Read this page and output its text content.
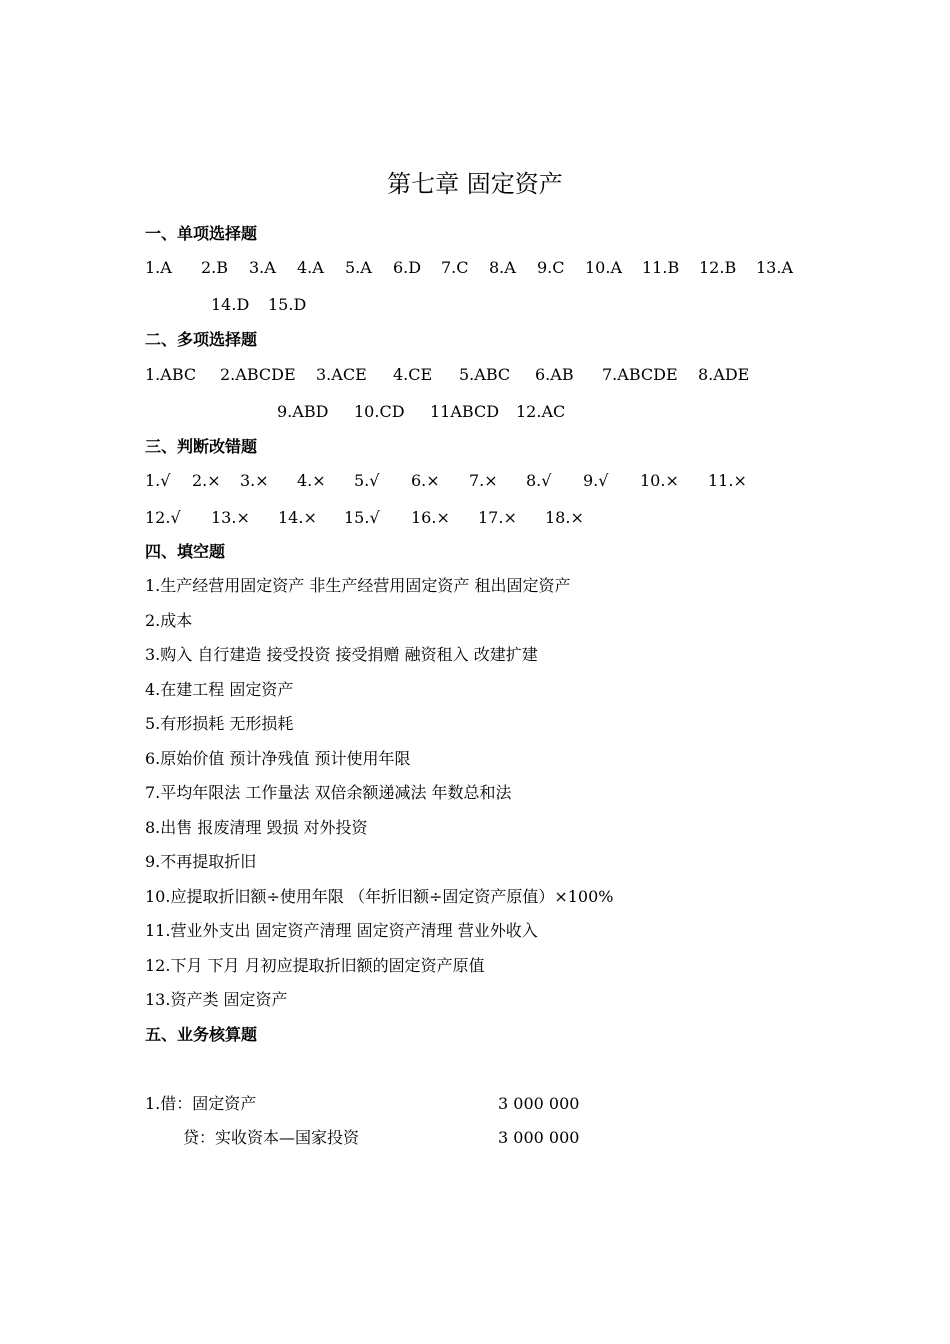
第七章 固定资产
一、单项选择题
1.A 2.B 3.A 4.A 5.A 6.D 7.C 8.A 9.C 10.A 11.B 12.B 13.A
14.D 15.D
二、多项选择题
1.ABC 2.ABCDE 3.ACE 4.CE 5.ABC 6.AB 7.ABCDE 8.ADE
9.ABD 10.CD 11ABCD 12.AC
三、判断改错题
1.√ 2.× 3.× 4.× 5.√ 6.× 7.× 8.√ 9.√ 10.× 11.×
12.√ 13.× 14.× 15.√ 16.× 17.× 18.×
四、填空题
1.生产经营用固定资产 非生产经营用固定资产 租出固定资产
2.成本
3.购入 自行建造 接受投资 接受捐赠 融资租入 改建扩建
4.在建工程 固定资产
5.有形损耗 无形损耗
6.原始价值 预计净残值 预计使用年限
7.平均年限法 工作量法 双倍余额递减法 年数总和法
8.出售 报废清理 毁损 对外投资
9.不再提取折旧
10.应提取折旧额÷使用年限 （年折旧额÷固定资产原值）×100%
11.营业外支出 固定资产清理 固定资产清理 营业外收入
12.下月 下月 月初应提取折旧额的固定资产原值
13.资产类 固定资产
五、业务核算题
1.借：固定资产	3 000 000
贷：实收资本—国家投资	3 000 000
